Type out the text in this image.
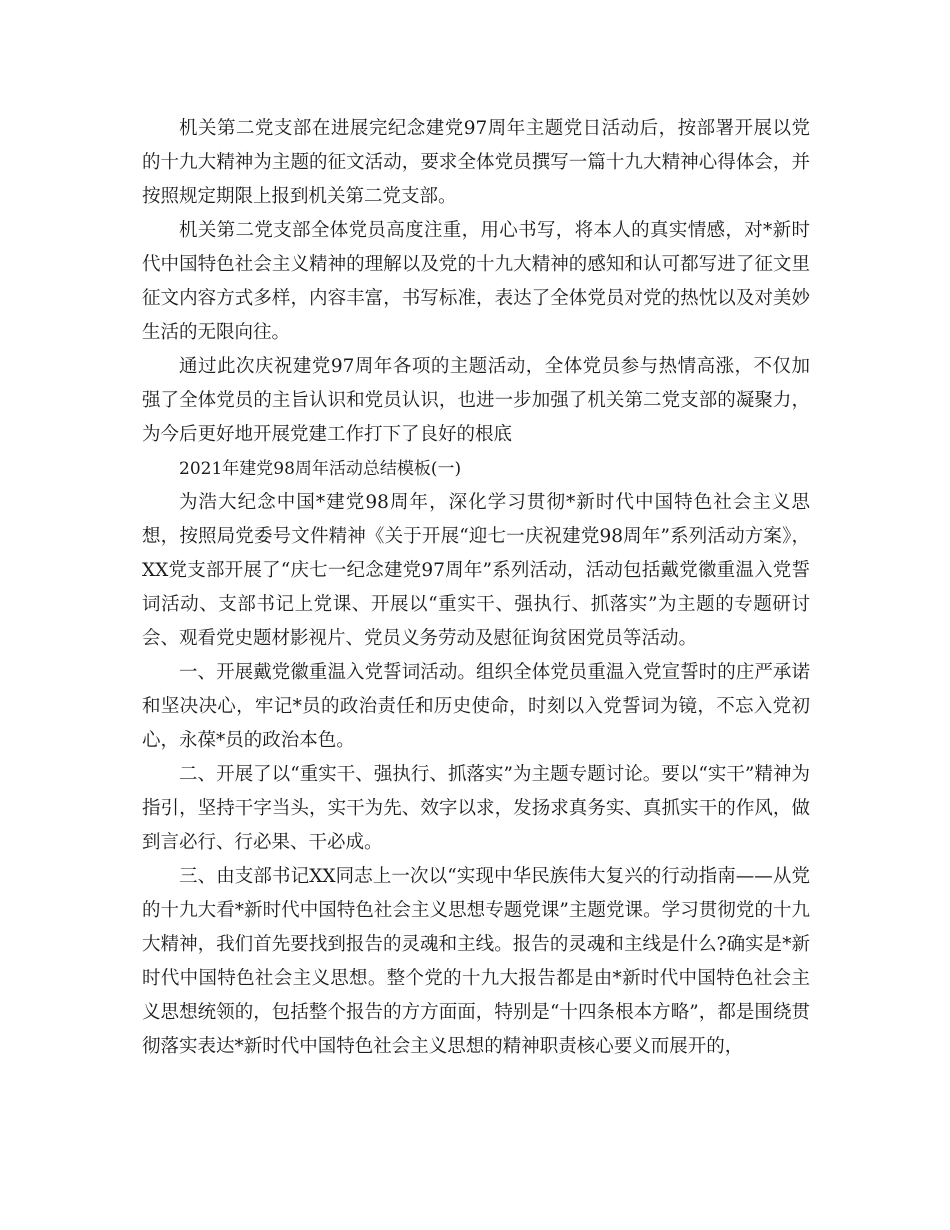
机关第二党支部在进展完纪念建党97周年主题党日活动后，按部署开展以党的十九大精神为主题的征文活动，要求全体党员撰写一篇十九大精神心得体会，并按照规定期限上报到机关第二党支部。

机关第二党支部全体党员高度注重，用心书写，将本人的真实情感，对*新时代中国特色社会主义精神的理解以及党的十九大精神的感知和认可都写进了征文里征文内容方式多样，内容丰富，书写标准，表达了全体党员对党的热忱以及对美妙生活的无限向往。

通过此次庆祝建党97周年各项的主题活动，全体党员参与热情高涨，不仅加强了全体党员的主旨认识和党员认识，也进一步加强了机关第二党支部的凝聚力，为今后更好地开展党建工作打下了良好的根底

2021年建党98周年活动总结模板(一)

为浩大纪念中国*建党98周年，深化学习贯彻*新时代中国特色社会主义思想，按照局党委号文件精神《关于开展“迎七一庆祝建党98周年”系列活动方案》，XX党支部开展了“庆七一纪念建党97周年”系列活动，活动包括戴党徽重温入党誓词活动、支部书记上党课、开展以“重实干、强执行、抓落实”为主题的专题研讨会、观看党史题材影视片、党员义务劳动及慰征询贫困党员等活动。

一、开展戴党徽重温入党誓词活动。组织全体党员重温入党宣誓时的庄严承诺和坚决决心，牢记*员的政治责任和历史使命，时刻以入党誓词为镜，不忘入党初心，永葆*员的政治本色。

二、开展了以“重实干、强执行、抓落实”为主题专题讨论。要以“实干”精神为指引，坚持干字当头，实干为先、效字以求，发扬求真务实、真抓实干的作风，做到言必行、行必果、干必成。

三、由支部书记XX同志上一次以“实现中华民族伟大复兴的行动指南——从党的十九大看*新时代中国特色社会主义思想专题党课”主题党课。学习贯彻党的十九大精神，我们首先要找到报告的灵魂和主线。报告的灵魂和主线是什么?确实是*新时代中国特色社会主义思想。整个党的十九大报告都是由*新时代中国特色社会主义思想统领的，包括整个报告的方方面面，特别是“十四条根本方略”，都是围绕贯彻落实表达*新时代中国特色社会主义思想的精神职责核心要义而展开的，
